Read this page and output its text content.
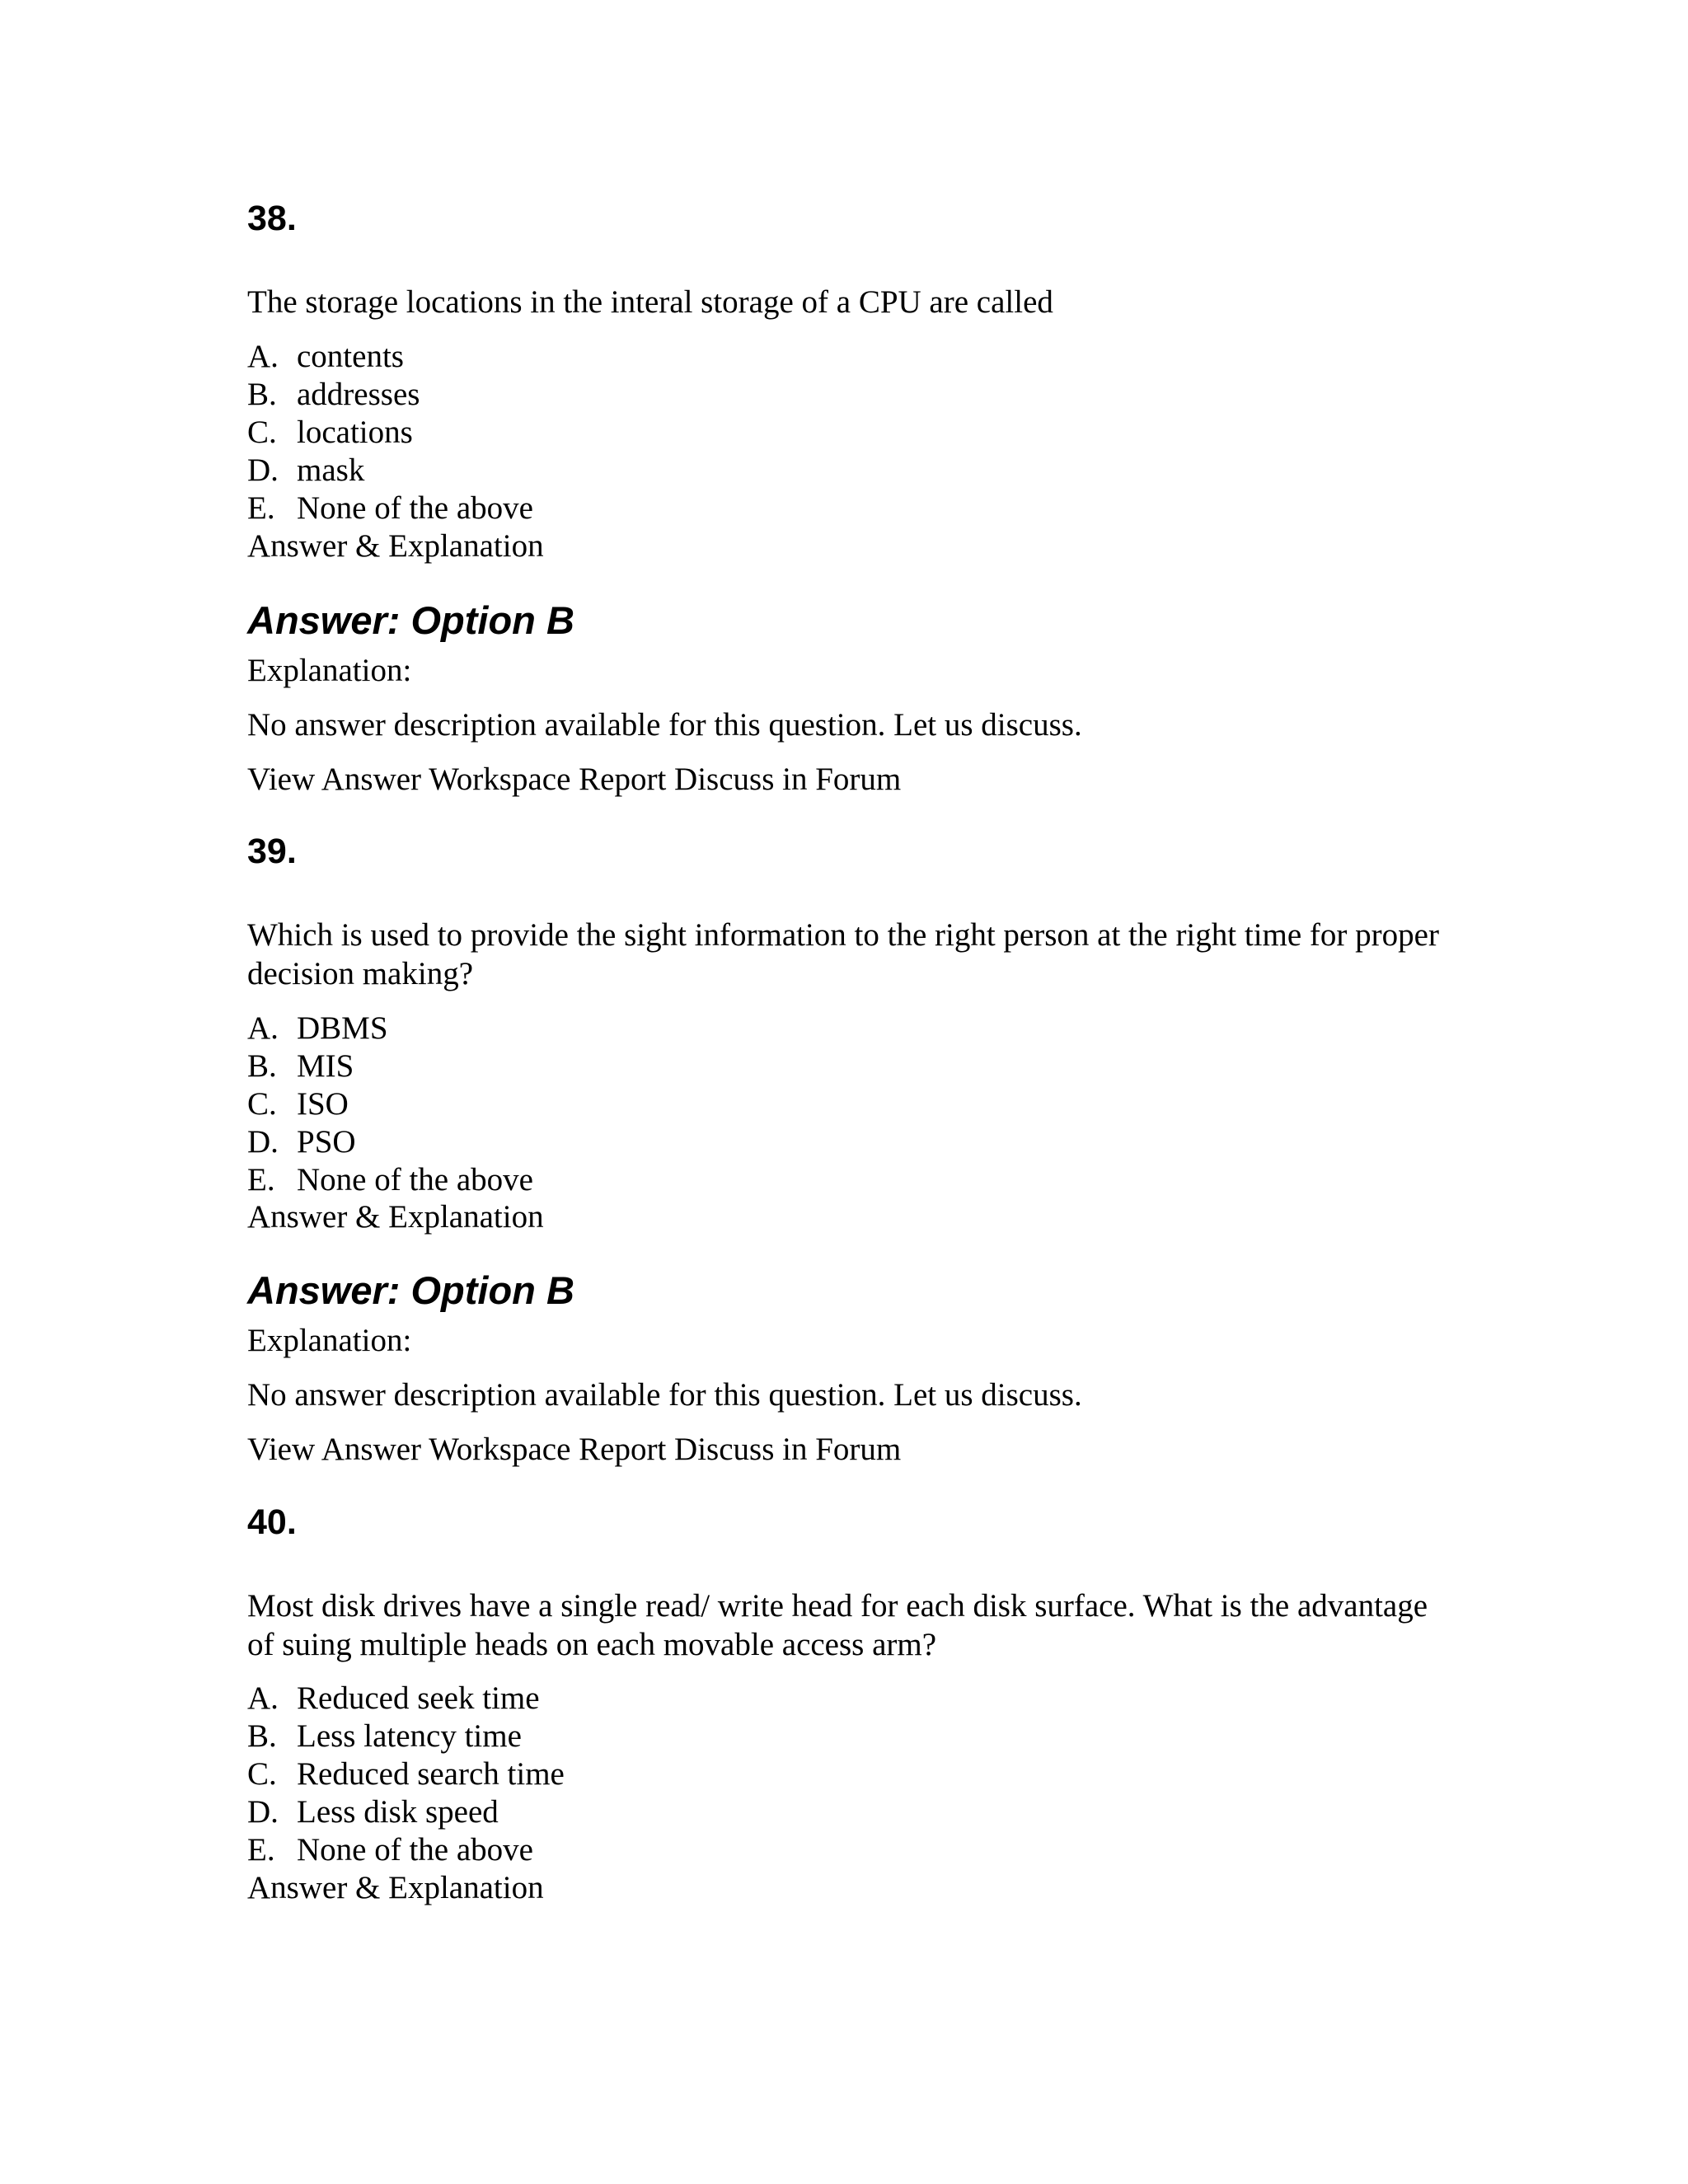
38.

The storage locations in the interal storage of a CPU are called

A. contents
B. addresses
C. locations
D. mask
E. None of the above

Answer & Explanation

Answer: Option B

Explanation:

No answer description available for this question. Let us discuss.

View Answer Workspace Report Discuss in Forum

39.

Which is used to provide the sight information to the right person at the right time for proper decision making?

A. DBMS
B. MIS
C. ISO
D. PSO
E. None of the above

Answer & Explanation

Answer: Option B

Explanation:

No answer description available for this question. Let us discuss.

View Answer Workspace Report Discuss in Forum

40.

Most disk drives have a single read/ write head for each disk surface. What is the advantage of suing multiple heads on each movable access arm?

A. Reduced seek time
B. Less latency time
C. Reduced search time
D. Less disk speed
E. None of the above

Answer & Explanation
